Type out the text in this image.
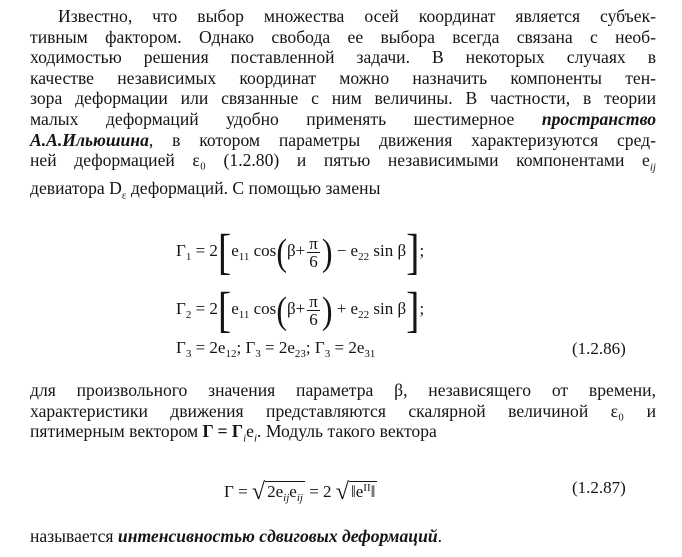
Известно, что выбор множества осей координат является субъек-
тивным фактором. Однако свобода ее выбора всегда связана с необ-
ходимостью решения поставленной задачи. В некоторых случаях в
качестве независимых координат можно назначить компоненты тен-
зора деформации или связанные с ним величины. В частности, в теории
малых деформаций удобно применять шестимерное пространство
А.А.Ильюшина, в котором параметры движения характеризуются сред-
ней деформацией ε₀ (1.2.80) и пятью независимыми компонентами $e_{ij}$
девиатора $D_\varepsilon$ деформаций. С помощью замены
$\Gamma_1 = 2[e_{11}$ $\cos(\beta+ \frac{\pi}{6}$ ) − $e_{22}$ sin β];
$\Gamma_2 = 2[e_{11}$ $\cos(\beta+ \frac{\pi}{6}$ ) + $e_{22}$ sin β];
$\Gamma_3 = 2e_{12}$; $\Gamma_3 = 2e_{23}$; $\Gamma_3 = 2e_{31}$	(1.2.86)
для произвольного значения параметра β, независящего от времени,
характеристики движения представляются скалярной величиной ε₀ и
пятимерным вектором $\Gamma = \Gamma_ie_i$. Модуль такого вектора
Γ = √ $2e_{ij}e_{ij} = 2$ √ $‖e^{II}‖$	(1.2.87)
называется интенсивностью сдвиговых деформаций.
